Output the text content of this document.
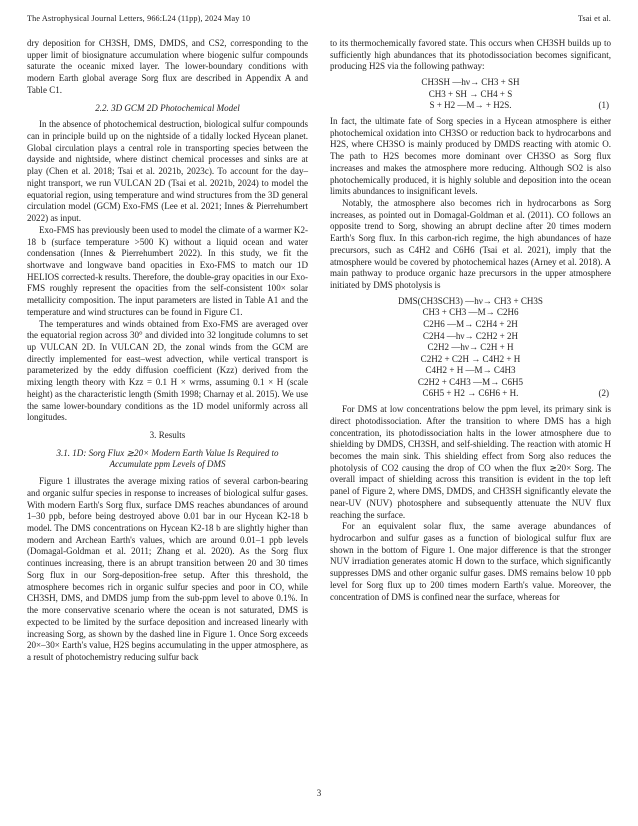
The Astrophysical Journal Letters, 966:L24 (11pp), 2024 May 10	Tsai et al.

dry deposition for CH3SH, DMS, DMDS, and CS2, corresponding to the upper limit of biosignature accumulation where biogenic sulfur compounds saturate the oceanic mixed layer. The lower-boundary conditions with modern Earth global average Sorg flux are described in Appendix A and Table C1.

2.2. 3D GCM 2D Photochemical Model

In the absence of photochemical destruction, biological sulfur compounds can in principle build up on the nightside of a tidally locked Hycean planet. Global circulation plays a central role in transporting species between the dayside and nightside, where distinct chemical processes and sinks are at play (Chen et al. 2018; Tsai et al. 2021b, 2023c). To account for the day–night transport, we run VULCAN 2D (Tsai et al. 2021b, 2024) to model the equatorial region, using temperature and wind structures from the 3D general circulation model (GCM) Exo-FMS (Lee et al. 2021; Innes & Pierrehumbert 2022) as input.

Exo-FMS has previously been used to model the climate of a warmer K2-18 b (surface temperature >500 K) without a liquid ocean and water condensation (Innes & Pierrehumbert 2022). In this study, we fit the shortwave and longwave band opacities in Exo-FMS to match our 1D HELIOS corrected-k results. Therefore, the double-gray opacities in our Exo-FMS roughly represent the opacities from the self-consistent 100× solar metallicity composition. The input parameters are listed in Table A1 and the temperature and wind structures can be found in Figure C1.

The temperatures and winds obtained from Exo-FMS are averaged over the equatorial region across 30° and divided into 32 longitude columns to set up VULCAN 2D. In VULCAN 2D, the zonal winds from the GCM are directly implemented for east–west advection, while vertical transport is parameterized by the eddy diffusion coefficient (Kzz) derived from the mixing length theory with Kzz = 0.1 H × wrms, assuming 0.1 × H (scale height) as the characteristic length (Smith 1998; Charnay et al. 2015). We use the same lower-boundary conditions as the 1D model uniformly across all longitudes.

3. Results
3.1. 1D: Sorg Flux ≳20× Modern Earth Value Is Required to
Accumulate ppm Levels of DMS

Figure 1 illustrates the average mixing ratios of several carbon-bearing and organic sulfur species in response to increases of biological sulfur gases. With modern Earth's Sorg flux, surface DMS reaches abundances of around 1–30 ppb, before being destroyed above 0.01 bar in our Hycean K2-18 b model. The DMS concentrations on Hycean K2-18 b are slightly higher than modern and Archean Earth's values, which are around 0.01–1 ppb levels (Domagal-Goldman et al. 2011; Zhang et al. 2020). As the Sorg flux continues increasing, there is an abrupt transition between 20 and 30 times Sorg flux in our Sorg-deposition-free setup. After this threshold, the atmosphere becomes rich in organic sulfur species and poor in CO, while CH3SH, DMS, and DMDS jump from the sub-ppm level to above 0.1%. In the more conservative scenario where the ocean is not saturated, DMS is expected to be limited by the surface deposition and increased linearly with increasing Sorg, as shown by the dashed line in Figure 1. Once Sorg exceeds 20×–30× Earth's value, H2S begins accumulating in the upper atmosphere, as a result of photochemistry reducing sulfur back

to its thermochemically favored state. This occurs when CH3SH builds up to sufficiently high abundances that its photodissociation becomes significant, producing H2S via the following pathway:

CH3SH —hν→ CH3 + SH
CH3 + SH → CH4 + S
S + H2 —M→ + H2S.	(1)

In fact, the ultimate fate of Sorg species in a Hycean atmosphere is either photochemical oxidation into CH3SO or reduction back to hydrocarbons and H2S, where CH3SO is mainly produced by DMDS reacting with atomic O. The path to H2S becomes more dominant over CH3SO as Sorg flux increases and makes the atmosphere more reducing. Although SO2 is also photochemically produced, it is highly soluble and deposition into the ocean limits abundances to insignificant levels.

Notably, the atmosphere also becomes rich in hydrocarbons as Sorg increases, as pointed out in Domagal-Goldman et al. (2011). CO follows an opposite trend to Sorg, showing an abrupt decline after 20 times modern Earth's Sorg flux. In this carbon-rich regime, the high abundances of haze precursors, such as C4H2 and C6H6 (Tsai et al. 2021), imply that the atmosphere would be covered by photochemical hazes (Arney et al. 2018). A main pathway to produce organic haze precursors in the upper atmosphere initiated by DMS photolysis is

DMS(CH3SCH3) —hν→ CH3 + CH3S
CH3 + CH3 —M→ C2H6
C2H6 —M→ C2H4 + 2H
C2H4 —hν→ C2H2 + 2H
C2H2 —hν→ C2H + H
C2H2 + C2H → C4H2 + H
C4H2 + H —M→ C4H3
C2H2 + C4H3 —M→ C6H5
C6H5 + H2 → C6H6 + H.	(2)

For DMS at low concentrations below the ppm level, its primary sink is direct photodissociation. After the transition to where DMS has a high concentration, its photodissociation halts in the lower atmosphere due to shielding by DMDS, CH3SH, and self-shielding. The reaction with atomic H becomes the main sink. This shielding effect from Sorg also reduces the photolysis of CO2 causing the drop of CO when the flux ≳20× Sorg. The overall impact of shielding across this transition is evident in the top left panel of Figure 2, where DMS, DMDS, and CH3SH significantly elevate the near-UV (NUV) photosphere and subsequently attenuate the NUV flux reaching the surface.

For an equivalent solar flux, the same average abundances of hydrocarbon and sulfur gases as a function of biological sulfur flux are shown in the bottom of Figure 1. One major difference is that the stronger NUV irradiation generates atomic H down to the surface, which significantly suppresses DMS and other organic sulfur gases. DMS remains below 10 ppb level for Sorg flux up to 200 times modern Earth's value. Moreover, the concentration of DMS is confined near the surface, whereas for

3
